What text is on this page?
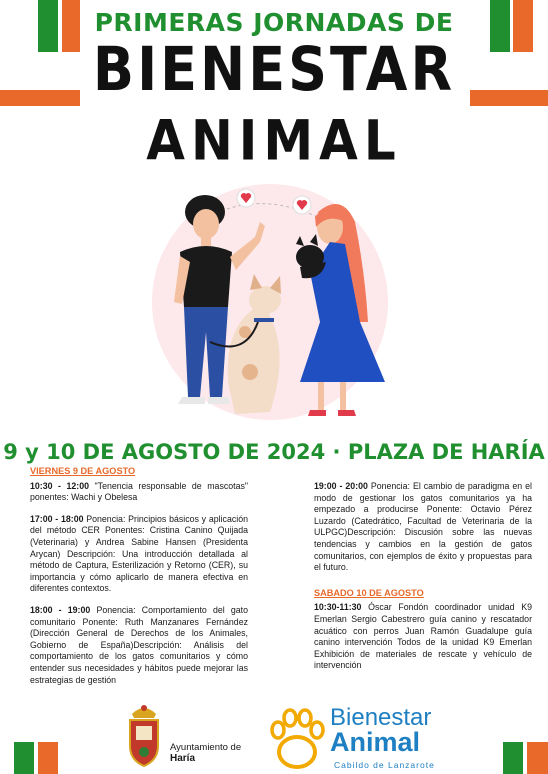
PRIMERAS JORNADAS DE
BIENESTAR
ANIMAL
9 y 10 DE AGOSTO DE 2024 · PLAZA DE HARÍA
VIERNES 9 DE AGOSTO
10:30 - 12:00 "Tenencia responsable de mascotas" ponentes: Wachi y Obelesa
17:00 - 18:00 Ponencia: Principios básicos y aplicación del método CER Ponentes: Cristina Canino Quijada (Veterinaria) y Andrea Sabine Hansen (Presidenta Arycan) Descripción: Una introducción detallada al método de Captura, Esterilización y Retorno (CER), su importancia y cómo aplicarlo de manera efectiva en diferentes contextos.
18:00 - 19:00 Ponencia: Comportamiento del gato comunitario Ponente: Ruth Manzanares Fernández (Dirección General de Derechos de los Animales, Gobierno de España)Descripción: Análisis del comportamiento de los gatos comunitarios y cómo entender sus necesidades y hábitos puede mejorar las estrategias de gestión
19:00 - 20:00 Ponencia: El cambio de paradigma en el modo de gestionar los gatos comunitarios ya ha empezado a producirse Ponente: Octavio Pérez Luzardo (Catedrático, Facultad de Veterinaria de la ULPGC)Descripción: Discusión sobre las nuevas tendencias y cambios en la gestión de gatos comunitarios, con ejemplos de éxito y propuestas para el futuro.
SABADO 10 DE AGOSTO
10:30-11:30 Óscar Fondón coordinador unidad K9 Emerlan Sergio Cabestrero guía canino y rescatador acuático con perros Juan Ramón Guadalupe guía canino intervención Todos de la unidad K9 Emerlan Exhibición de materiales de rescate y vehículo de intervención
Ayuntamiento de
Haría
Bienestar
Animal
Cabildo de Lanzarote
